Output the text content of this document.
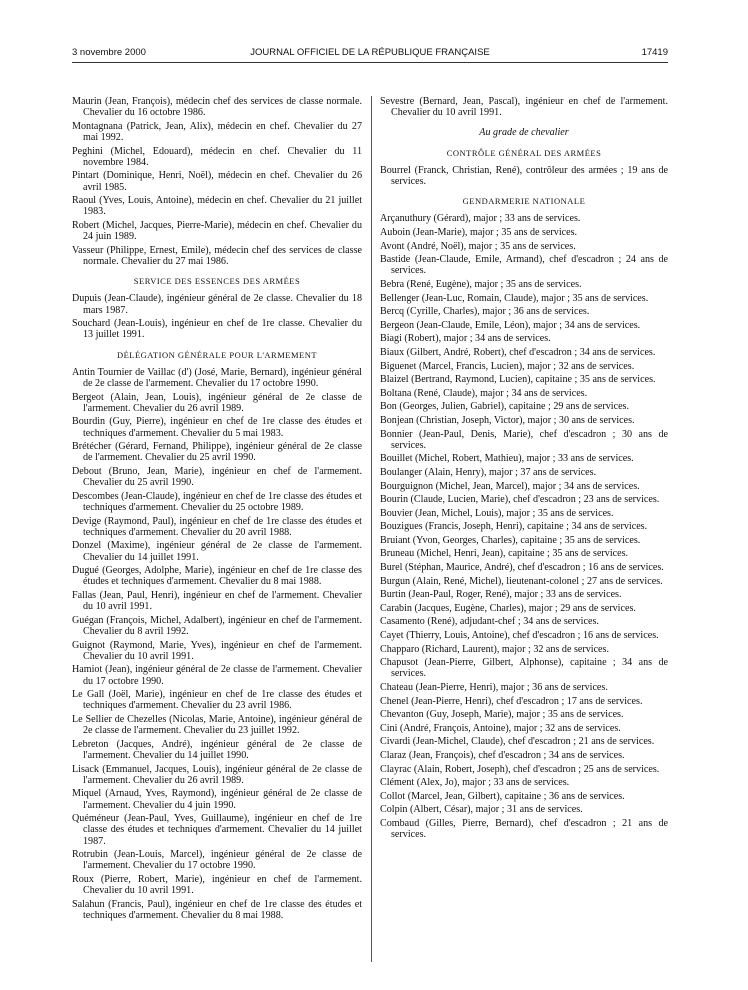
3 novembre 2000	JOURNAL OFFICIEL DE LA RÉPUBLIQUE FRANÇAISE	17419
Maurin (Jean, François), médecin chef des services de classe normale. Chevalier du 16 octobre 1986.
Montagnana (Patrick, Jean, Alix), médecin en chef. Chevalier du 27 mai 1992.
Peghini (Michel, Edouard), médecin en chef. Chevalier du 11 novembre 1984.
Pintart (Dominique, Henri, Noël), médecin en chef. Chevalier du 26 avril 1985.
Raoul (Yves, Louis, Antoine), médecin en chef. Chevalier du 21 juillet 1983.
Robert (Michel, Jacques, Pierre-Marie), médecin en chef. Chevalier du 24 juin 1989.
Vasseur (Philippe, Ernest, Emile), médecin chef des services de classe normale. Chevalier du 27 mai 1986.
SERVICE DES ESSENCES DES ARMÉES
Dupuis (Jean-Claude), ingénieur général de 2e classe. Chevalier du 18 mars 1987.
Souchard (Jean-Louis), ingénieur en chef de 1re classe. Chevalier du 13 juillet 1991.
DÉLÉGATION GÉNÉRALE POUR L'ARMEMENT
Antin Tournier de Vaillac (d') (José, Marie, Bernard), ingénieur général de 2e classe de l'armement. Chevalier du 17 octobre 1990.
Bergeot (Alain, Jean, Louis), ingénieur général de 2e classe de l'armement. Chevalier du 26 avril 1989.
Bourdin (Guy, Pierre), ingénieur en chef de 1re classe des études et techniques d'armement. Chevalier du 5 mai 1983.
Brétécher (Gérard, Fernand, Philippe), ingénieur général de 2e classe de l'armement. Chevalier du 25 avril 1990.
Debout (Bruno, Jean, Marie), ingénieur en chef de l'armement. Chevalier du 25 avril 1990.
Descombes (Jean-Claude), ingénieur en chef de 1re classe des études et techniques d'armement. Chevalier du 25 octobre 1989.
Devige (Raymond, Paul), ingénieur en chef de 1re classe des études et techniques d'armement. Chevalier du 20 avril 1988.
Donzel (Maxime), ingénieur général de 2e classe de l'armement. Chevalier du 14 juillet 1991.
Dugué (Georges, Adolphe, Marie), ingénieur en chef de 1re classe des études et techniques d'armement. Chevalier du 8 mai 1988.
Fallas (Jean, Paul, Henri), ingénieur en chef de l'armement. Chevalier du 10 avril 1991.
Guégan (François, Michel, Adalbert), ingénieur en chef de l'armement. Chevalier du 8 avril 1992.
Guignot (Raymond, Marie, Yves), ingénieur en chef de l'armement. Chevalier du 10 avril 1991.
Hamiot (Jean), ingénieur général de 2e classe de l'armement. Chevalier du 17 octobre 1990.
Le Gall (Joël, Marie), ingénieur en chef de 1re classe des études et techniques d'armement. Chevalier du 23 avril 1986.
Le Sellier de Chezelles (Nicolas, Marie, Antoine), ingénieur général de 2e classe de l'armement. Chevalier du 23 juillet 1992.
Lebreton (Jacques, André), ingénieur général de 2e classe de l'armement. Chevalier du 14 juillet 1990.
Lisack (Emmanuel, Jacques, Louis), ingénieur général de 2e classe de l'armement. Chevalier du 26 avril 1989.
Miquel (Arnaud, Yves, Raymond), ingénieur général de 2e classe de l'armement. Chevalier du 4 juin 1990.
Quéméneur (Jean-Paul, Yves, Guillaume), ingénieur en chef de 1re classe des études et techniques d'armement. Chevalier du 14 juillet 1987.
Rotrubin (Jean-Louis, Marcel), ingénieur général de 2e classe de l'armement. Chevalier du 17 octobre 1990.
Roux (Pierre, Robert, Marie), ingénieur en chef de l'armement. Chevalier du 10 avril 1991.
Salahun (Francis, Paul), ingénieur en chef de 1re classe des études et techniques d'armement. Chevalier du 8 mai 1988.
Sevestre (Bernard, Jean, Pascal), ingénieur en chef de l'armement. Chevalier du 10 avril 1991.
Au grade de chevalier
CONTRÔLE GÉNÉRAL DES ARMÉES
Bourrel (Franck, Christian, René), contrôleur des armées ; 19 ans de services.
GENDARMERIE NATIONALE
Arçanuthury (Gérard), major ; 33 ans de services.
Auboin (Jean-Marie), major ; 35 ans de services.
Avont (André, Noël), major ; 35 ans de services.
Bastide (Jean-Claude, Emile, Armand), chef d'escadron ; 24 ans de services.
Bebra (René, Eugène), major ; 35 ans de services.
Bellenger (Jean-Luc, Romain, Claude), major ; 35 ans de services.
Bercq (Cyrille, Charles), major ; 36 ans de services.
Bergeon (Jean-Claude, Emile, Léon), major ; 34 ans de services.
Biagi (Robert), major ; 34 ans de services.
Biaux (Gilbert, André, Robert), chef d'escadron ; 34 ans de services.
Biguenet (Marcel, Francis, Lucien), major ; 32 ans de services.
Blaizel (Bertrand, Raymond, Lucien), capitaine ; 35 ans de services.
Boltana (René, Claude), major ; 34 ans de services.
Bon (Georges, Julien, Gabriel), capitaine ; 29 ans de services.
Bonjean (Christian, Joseph, Victor), major ; 30 ans de services.
Bonnier (Jean-Paul, Denis, Marie), chef d'escadron ; 30 ans de services.
Bouillet (Michel, Robert, Mathieu), major ; 33 ans de services.
Boulanger (Alain, Henry), major ; 37 ans de services.
Bourguignon (Michel, Jean, Marcel), major ; 34 ans de services.
Bourin (Claude, Lucien, Marie), chef d'escadron ; 23 ans de services.
Bouvier (Jean, Michel, Louis), major ; 35 ans de services.
Bouzigues (Francis, Joseph, Henri), capitaine ; 34 ans de services.
Bruiant (Yvon, Georges, Charles), capitaine ; 35 ans de services.
Bruneau (Michel, Henri, Jean), capitaine ; 35 ans de services.
Burel (Stéphan, Maurice, André), chef d'escadron ; 16 ans de services.
Burgun (Alain, René, Michel), lieutenant-colonel ; 27 ans de services.
Burtin (Jean-Paul, Roger, René), major ; 33 ans de services.
Carabin (Jacques, Eugène, Charles), major ; 29 ans de services.
Casamento (René), adjudant-chef ; 34 ans de services.
Cayet (Thierry, Louis, Antoine), chef d'escadron ; 16 ans de services.
Chapparo (Richard, Laurent), major ; 32 ans de services.
Chapusot (Jean-Pierre, Gilbert, Alphonse), capitaine ; 34 ans de services.
Chateau (Jean-Pierre, Henri), major ; 36 ans de services.
Chenel (Jean-Pierre, Henri), chef d'escadron ; 17 ans de services.
Chevanton (Guy, Joseph, Marie), major ; 35 ans de services.
Cini (André, François, Antoine), major ; 32 ans de services.
Civardi (Jean-Michel, Claude), chef d'escadron ; 21 ans de services.
Claraz (Jean, François), chef d'escadron ; 34 ans de services.
Clayrac (Alain, Robert, Joseph), chef d'escadron ; 25 ans de services.
Clément (Alex, Jo), major ; 33 ans de services.
Collot (Marcel, Jean, Gilbert), capitaine ; 36 ans de services.
Colpin (Albert, César), major ; 31 ans de services.
Combaud (Gilles, Pierre, Bernard), chef d'escadron ; 21 ans de services.
